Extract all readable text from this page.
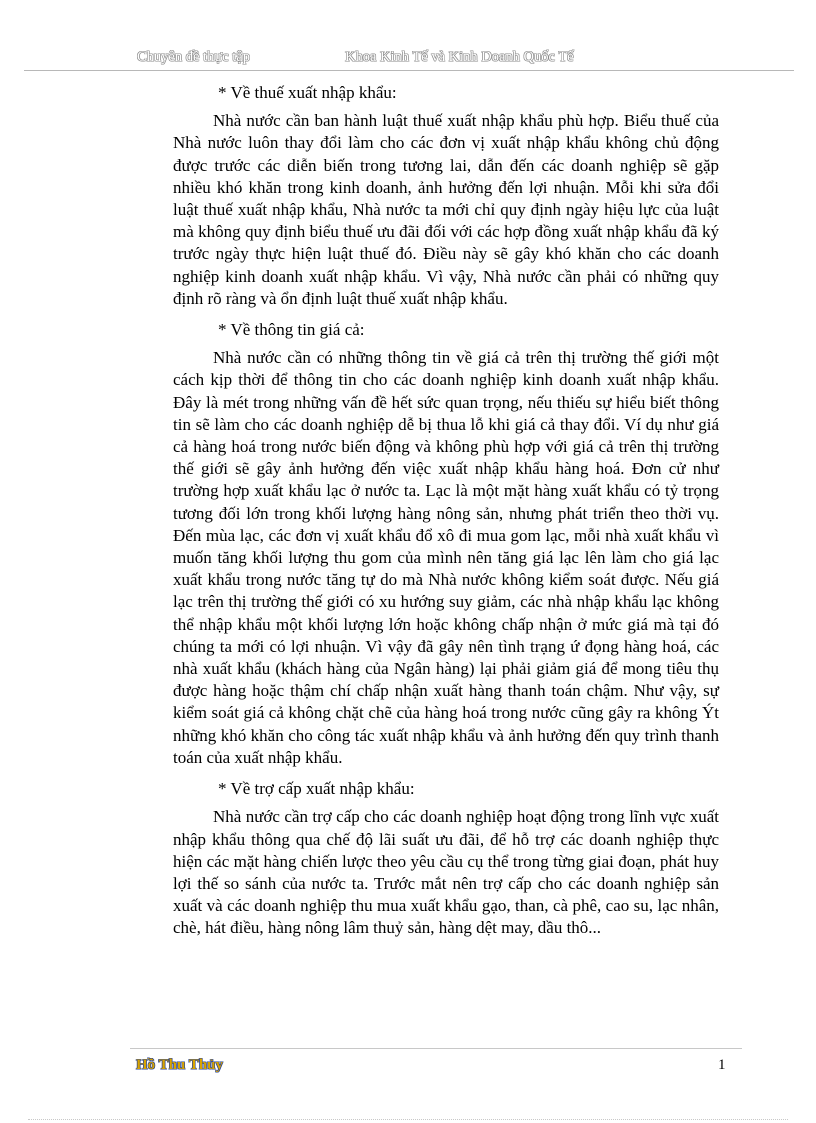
Chuyên đề thực tập	Khoa Kinh Tế và Kinh Doanh Quốc Tế
* Về thuế xuất nhập khẩu:

Nhà nước cần ban hành luật thuế xuất nhập khẩu phù hợp. Biểu thuế của Nhà nước luôn thay đổi làm cho các đơn vị xuất nhập khẩu không chủ động được trước các diễn biến trong tương lai, dẫn đến các doanh nghiệp sẽ gặp nhiều khó khăn trong kinh doanh, ảnh hưởng đến lợi nhuận. Mỗi khi sửa đổi luật thuế xuất nhập khẩu, Nhà nước ta mới chỉ quy định ngày hiệu lực của luật mà không quy định biểu thuế ưu đãi đối với các hợp đồng xuất nhập khẩu đã ký trước ngày thực hiện luật thuế đó. Điều này sẽ gây khó khăn cho các doanh nghiệp kinh doanh xuất nhập khẩu. Vì vậy, Nhà nước cần phải có những quy định rõ ràng và ổn định luật thuế xuất nhập khẩu.

* Về thông tin giá cả:

Nhà nước cần có những thông tin về giá cả trên thị trường thế giới một cách kịp thời để thông tin cho các doanh nghiệp kinh doanh xuất nhập khẩu. Đây là mét trong những vấn đề hết sức quan trọng, nếu thiếu sự hiểu biết thông tin sẽ làm cho các doanh nghiệp dễ bị thua lỗ khi giá cả thay đổi. Ví dụ như giá cả hàng hoá trong nước biến động và không phù hợp với giá cả trên thị trường thế giới sẽ gây ảnh hưởng đến việc xuất nhập khẩu hàng hoá. Đơn cử như trường hợp xuất khẩu lạc ở nước ta. Lạc là một mặt hàng xuất khẩu có tỷ trọng tương đối lớn trong khối lượng hàng nông sản, nhưng phát triển theo thời vụ. Đến mùa lạc, các đơn vị xuất khẩu đổ xô đi mua gom lạc, mỗi nhà xuất khẩu vì muốn tăng khối lượng thu gom của mình nên tăng giá lạc lên làm cho giá lạc xuất khẩu trong nước tăng tự do mà Nhà nước không kiểm soát được. Nếu giá lạc trên thị trường thế giới có xu hướng suy giảm, các nhà nhập khẩu lạc không thể nhập khẩu một khối lượng lớn hoặc không chấp nhận ở mức giá mà tại đó chúng ta mới có lợi nhuận. Vì vậy đã gây nên tình trạng ứ đọng hàng hoá, các nhà xuất khẩu (khách hàng của Ngân hàng) lại phải giảm giá để mong tiêu thụ được hàng hoặc thậm chí chấp nhận xuất hàng thanh toán chậm. Như vậy, sự kiểm soát giá cả không chặt chẽ của hàng hoá trong nước cũng gây ra không Ýt những khó khăn cho công tác xuất nhập khẩu và ảnh hưởng đến quy trình thanh toán của xuất nhập khẩu.

* Về trợ cấp xuất nhập khẩu:

Nhà nước cần trợ cấp cho các doanh nghiệp hoạt động trong lĩnh vực xuất nhập khẩu thông qua chế độ lãi suất ưu đãi, để hỗ trợ các doanh nghiệp thực hiện các mặt hàng chiến lược theo yêu cầu cụ thể trong từng giai đoạn, phát huy lợi thế so sánh của nước ta. Trước mắt nên trợ cấp cho các doanh nghiệp sản xuất và các doanh nghiệp thu mua xuất khẩu gạo, than, cà phê, cao su, lạc nhân, chè, hát điều, hàng nông lâm thuỷ sản, hàng dệt may, dầu thô...

Hồ Thu Thủy	1
